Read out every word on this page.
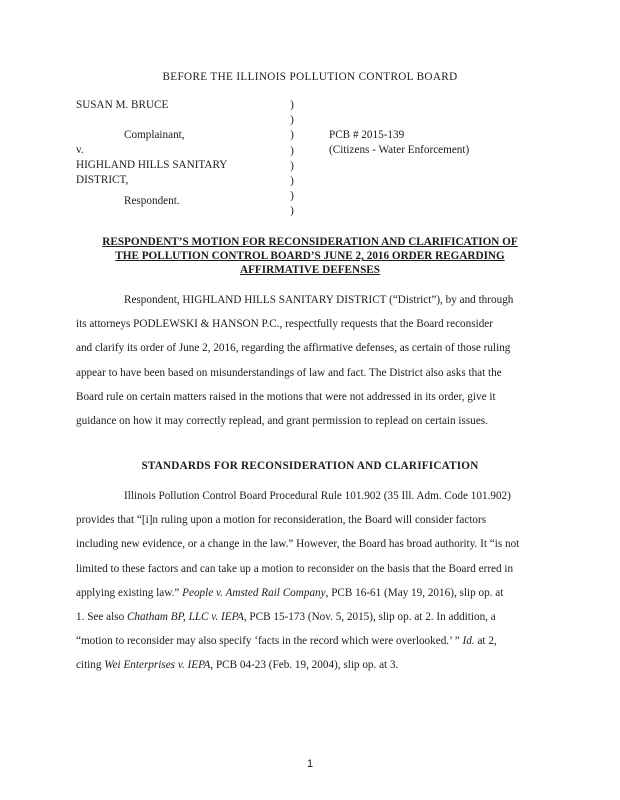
BEFORE THE ILLINOIS POLLUTION CONTROL BOARD
SUSAN M. BRUCE
Complainant,
v.
HIGHLAND HILLS SANITARY
DISTRICT,
Respondent.
)
)
)
)
)
)
)
)
PCB # 2015-139
(Citizens - Water Enforcement)
RESPONDENT’S MOTION FOR RECONSIDERATION AND CLARIFICATION OF
THE POLLUTION CONTROL BOARD’S JUNE 2, 2016 ORDER REGARDING
AFFIRMATIVE DEFENSES
Respondent, HIGHLAND HILLS SANITARY DISTRICT (“District”), by and through
its attorneys PODLEWSKI & HANSON P.C., respectfully requests that the Board reconsider
and clarify its order of June 2, 2016, regarding the affirmative defenses, as certain of those ruling
appear to have been based on misunderstandings of law and fact. The District also asks that the
Board rule on certain matters raised in the motions that were not addressed in its order, give it
guidance on how it may correctly replead, and grant permission to replead on certain issues.
STANDARDS FOR RECONSIDERATION AND CLARIFICATION
Illinois Pollution Control Board Procedural Rule 101.902 (35 Ill. Adm. Code 101.902)
provides that “[i]n ruling upon a motion for reconsideration, the Board will consider factors
including new evidence, or a change in the law.” However, the Board has broad authority. It “is not
limited to these factors and can take up a motion to reconsider on the basis that the Board erred in
applying existing law.” People v. Amsted Rail Company, PCB 16-61 (May 19, 2016), slip op. at
1. See also Chatham BP, LLC v. IEPA, PCB 15-173 (Nov. 5, 2015), slip op. at 2. In addition, a
“motion to reconsider may also specify ‘facts in the record which were overlooked.’ ” Id. at 2,
citing Wei Enterprises v. IEPA, PCB 04-23 (Feb. 19, 2004), slip op. at 3.
1
